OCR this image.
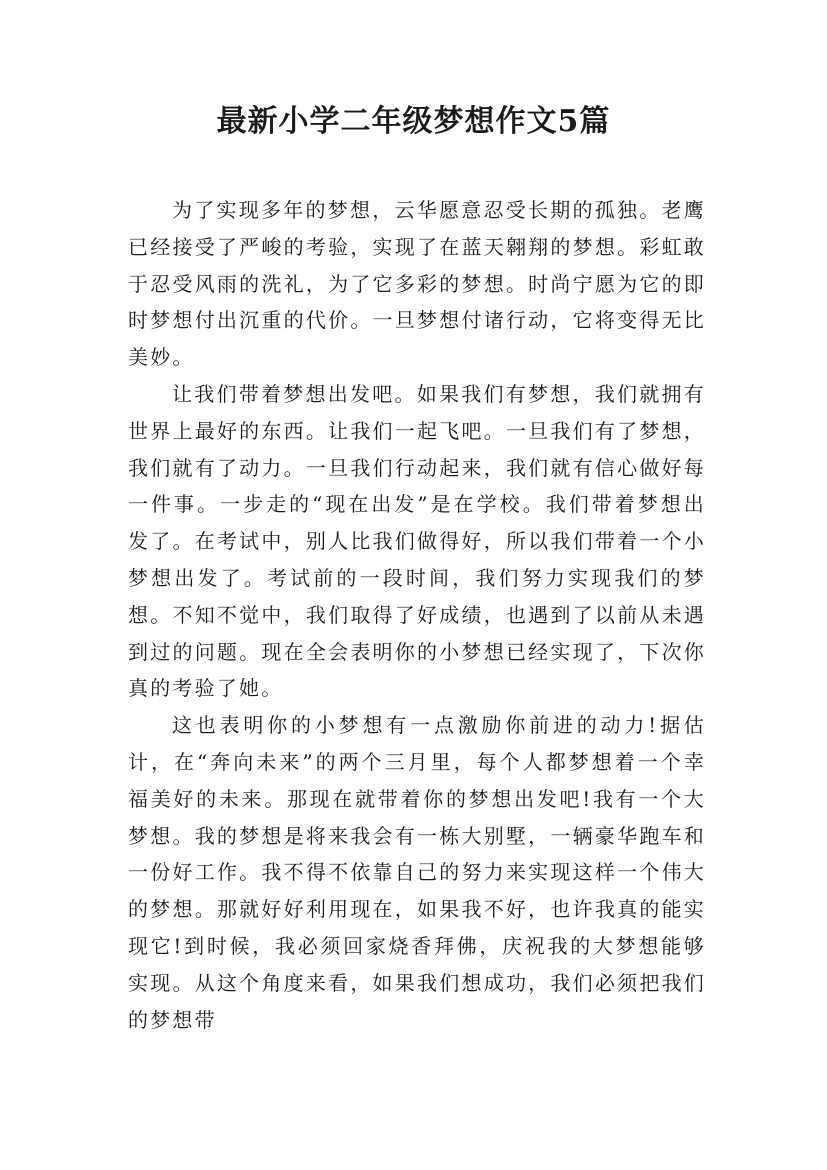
最新小学二年级梦想作文5篇

为了实现多年的梦想，云华愿意忍受长期的孤独。老鹰已经接受了严峻的考验，实现了在蓝天翱翔的梦想。彩虹敢于忍受风雨的洗礼，为了它多彩的梦想。时尚宁愿为它的即时梦想付出沉重的代价。一旦梦想付诸行动，它将变得无比美妙。

让我们带着梦想出发吧。如果我们有梦想，我们就拥有世界上最好的东西。让我们一起飞吧。一旦我们有了梦想，我们就有了动力。一旦我们行动起来，我们就有信心做好每一件事。一步走的“现在出发”是在学校。我们带着梦想出发了。在考试中，别人比我们做得好，所以我们带着一个小梦想出发了。考试前的一段时间，我们努力实现我们的梦想。不知不觉中，我们取得了好成绩，也遇到了以前从未遇到过的问题。现在全会表明你的小梦想已经实现了，下次你真的考验了她。

这也表明你的小梦想有一点激励你前进的动力!据估计，在“奔向未来”的两个三月里，每个人都梦想着一个幸福美好的未来。那现在就带着你的梦想出发吧!我有一个大梦想。我的梦想是将来我会有一栋大别墅，一辆豪华跑车和一份好工作。我不得不依靠自己的努力来实现这样一个伟大的梦想。那就好好利用现在，如果我不好，也许我真的能实现它!到时候，我必须回家烧香拜佛，庆祝我的大梦想能够实现。从这个角度来看，如果我们想成功，我们必须把我们的梦想带
